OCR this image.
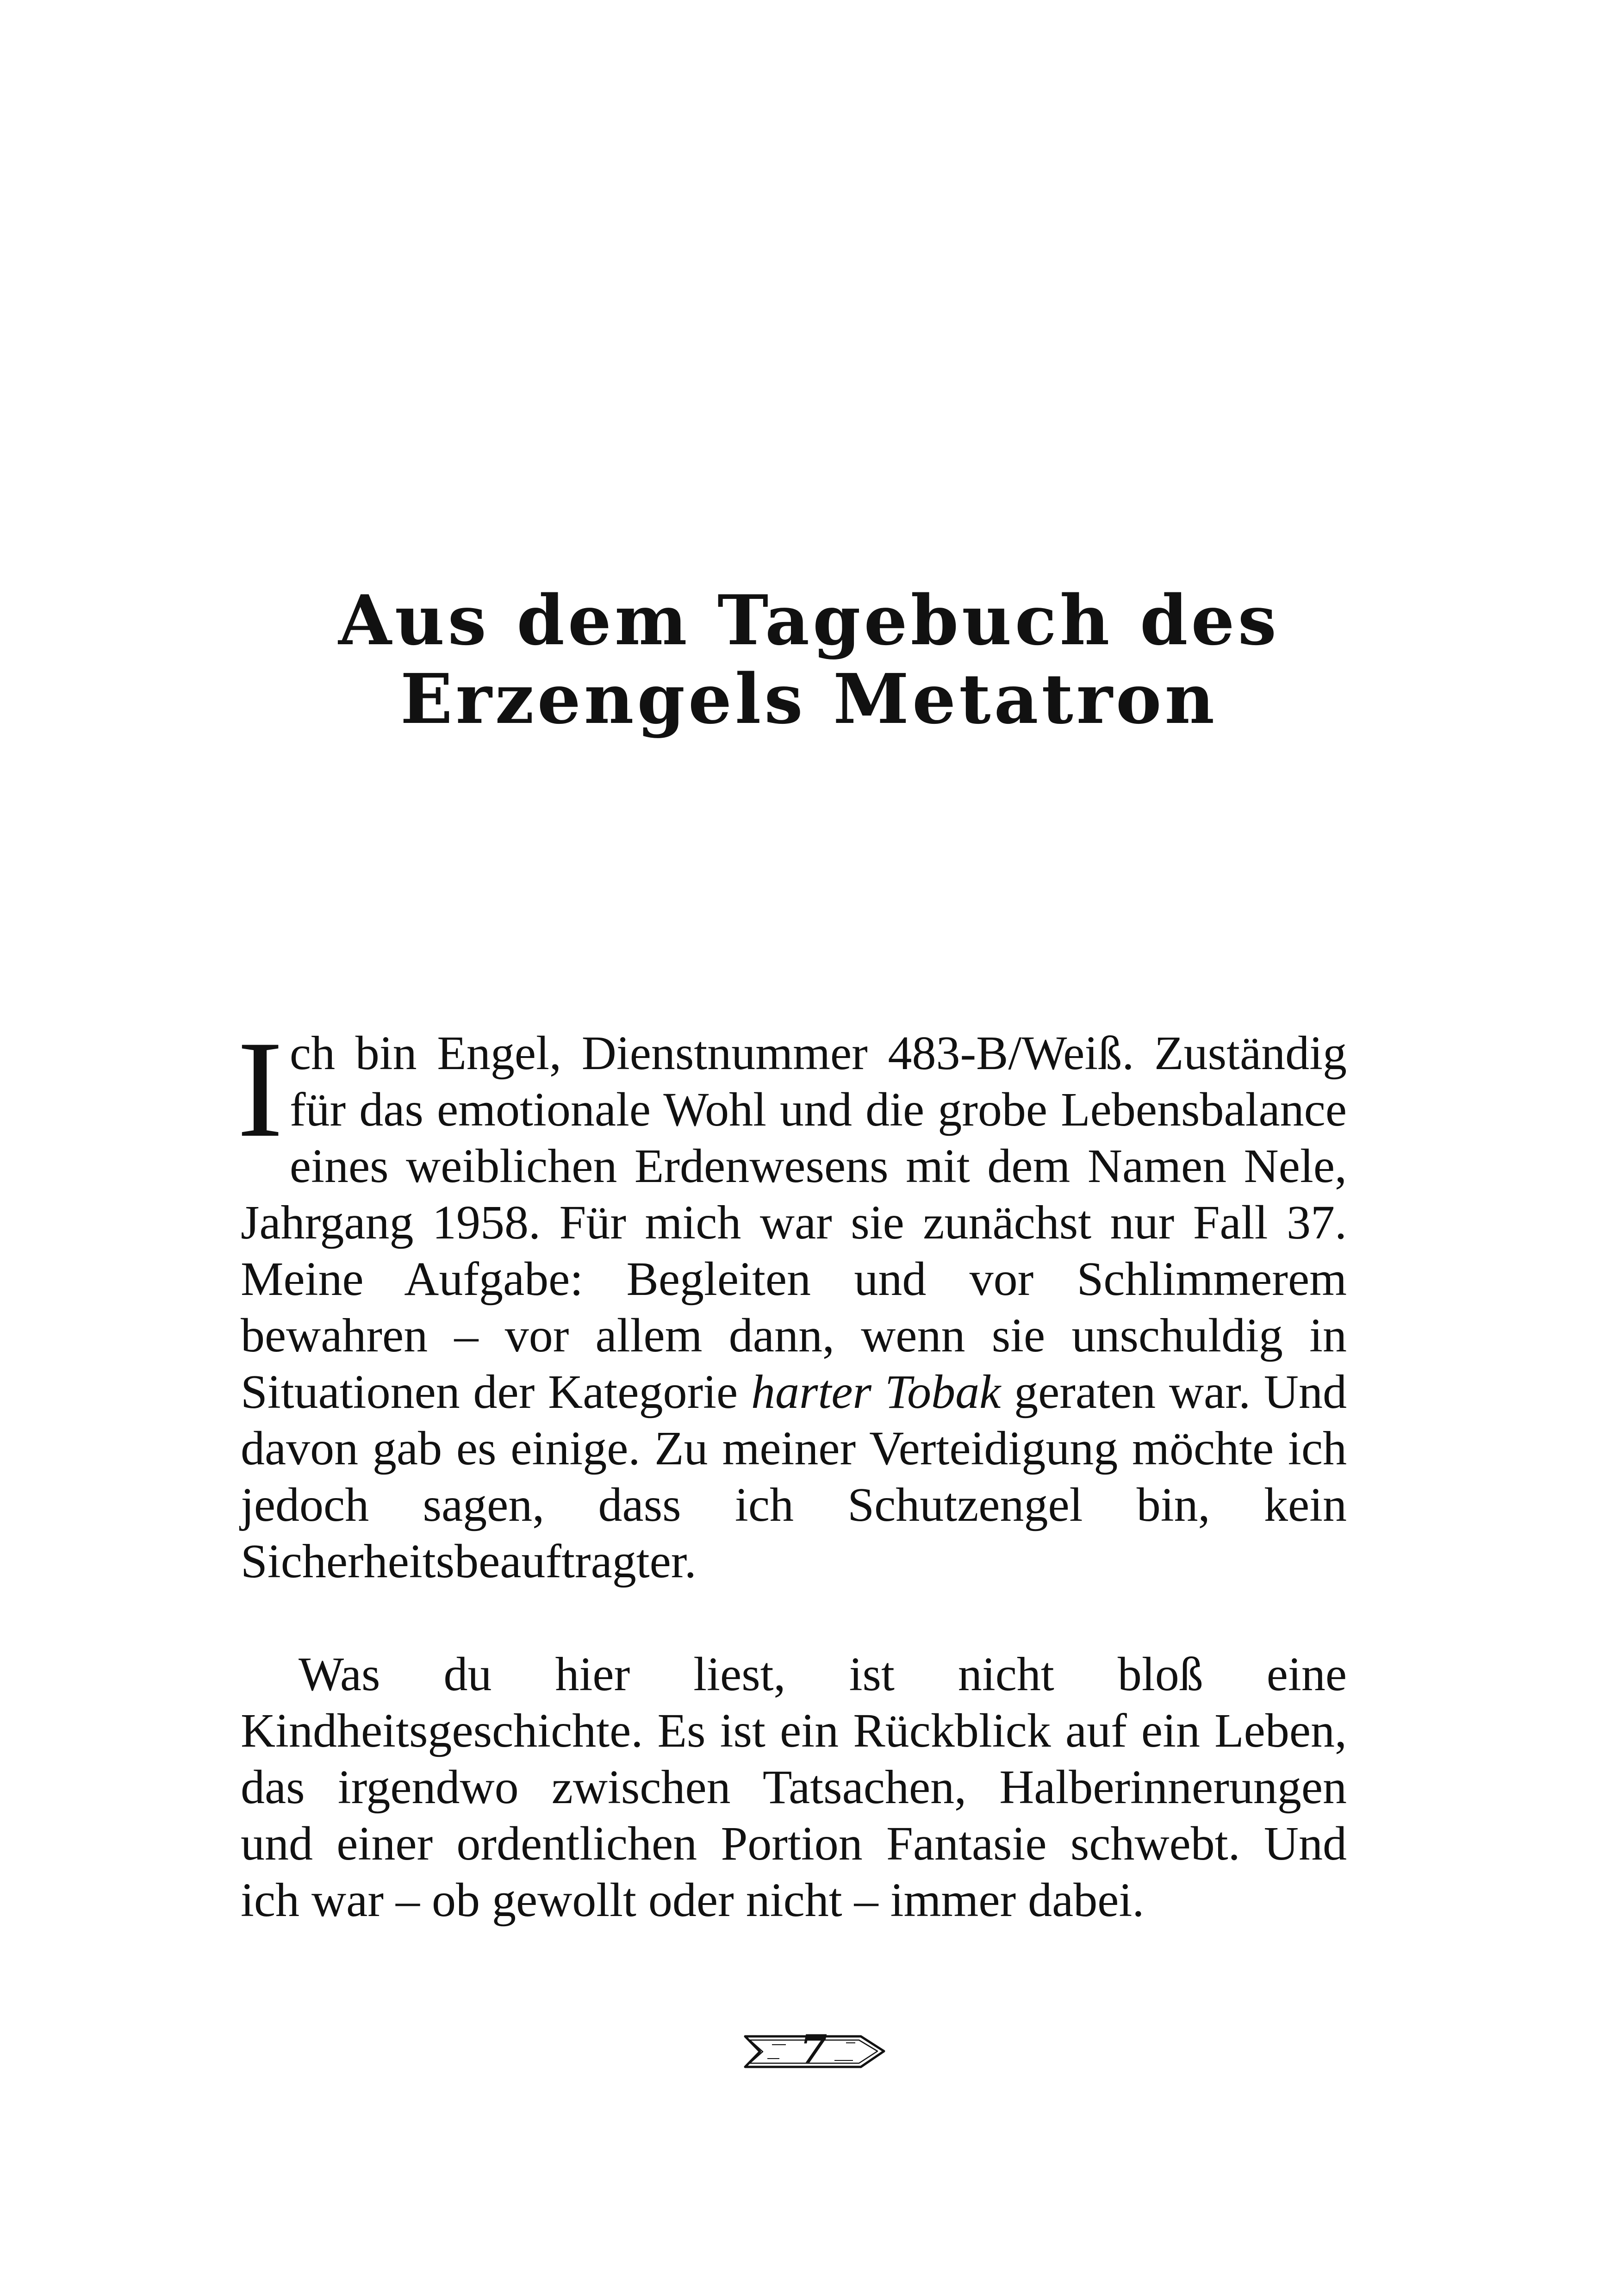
Aus dem Tagebuch des
Erzengels Metatron

Ich bin Engel, Dienstnummer 483-B/Weiß. Zuständig für das emotionale Wohl und die grobe Lebensbalance eines weiblichen Erdenwesens mit dem Namen Nele, Jahrgang 1958. Für mich war sie zunächst nur Fall 37. Meine Aufgabe: Begleiten und vor Schlimmerem bewahren – vor allem dann, wenn sie unschuldig in Situationen der Kategorie harter Tobak geraten war. Und davon gab es einige. Zu meiner Verteidigung möchte ich jedoch sagen, dass ich Schutzengel bin, kein Sicherheitsbeauftragter.

Was du hier liest, ist nicht bloß eine Kindheitsgeschichte. Es ist ein Rückblick auf ein Leben, das irgendwo zwischen Tatsachen, Halberinnerungen und einer ordentlichen Portion Fantasie schwebt. Und ich war – ob gewollt oder nicht – immer dabei.

7
